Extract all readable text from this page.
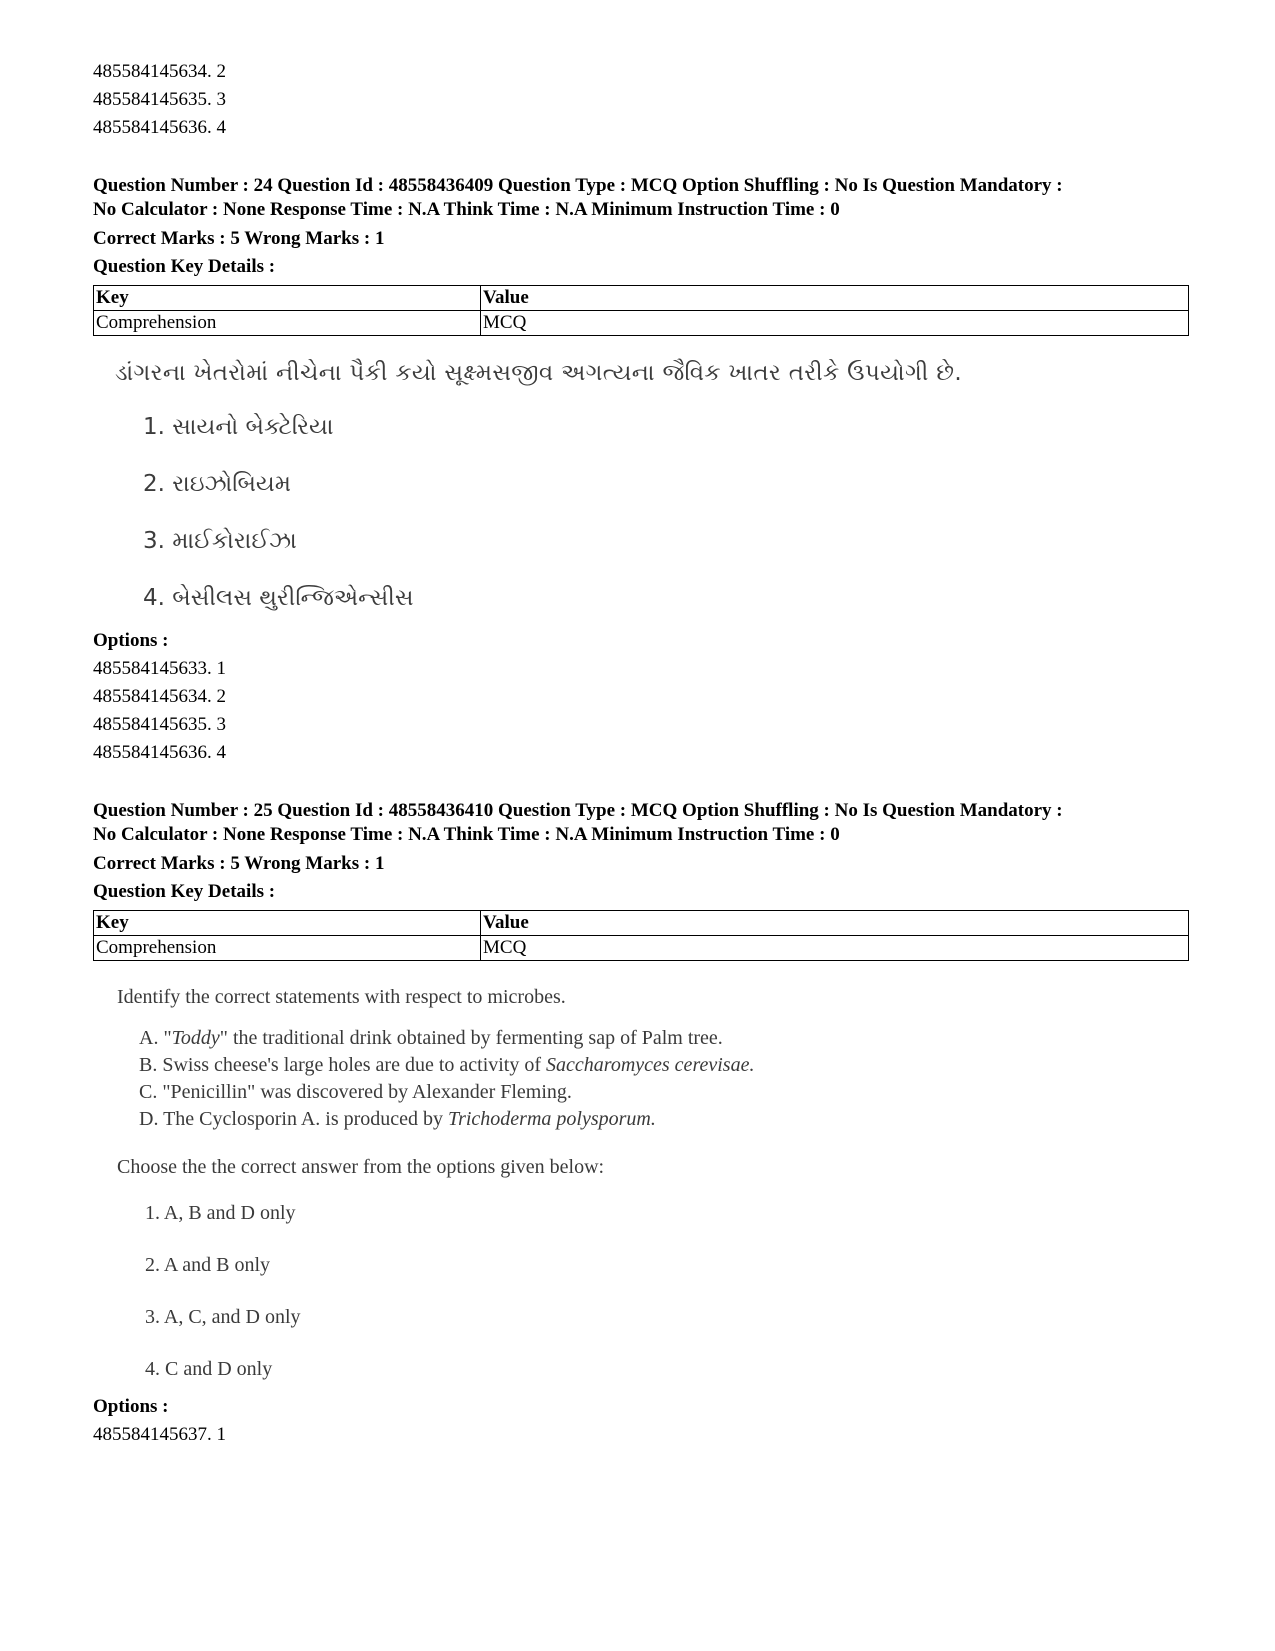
485584145634. 2

485584145635. 3

485584145636. 4

Question Number : 24 Question Id : 48558436409 Question Type : MCQ Option Shuffling : No Is Question Mandatory :

No Calculator : None Response Time : N.A Think Time : N.A Minimum Instruction Time : 0

Correct Marks : 5 Wrong Marks : 1

Question Key Details :

Key	Value
Comprehension	MCQ

ડાંગરના ખેતરોમાં નીચેના પૈકી કયો સૂક્ષ્મસજીવ અગત્યના જૈવિક ખાતર તરીકે ઉપયોગી છે.

1. સાયનો બેક્ટેરિયા

2. રાઇઝોબિયમ

3. માઈકોરાઈઝા

4. બેસીલસ થુરીન્જિએન્સીસ

Options :

485584145633. 1

485584145634. 2

485584145635. 3

485584145636. 4

Question Number : 25 Question Id : 48558436410 Question Type : MCQ Option Shuffling : No Is Question Mandatory :

No Calculator : None Response Time : N.A Think Time : N.A Minimum Instruction Time : 0

Correct Marks : 5 Wrong Marks : 1

Question Key Details :

Key	Value
Comprehension	MCQ

Identify the correct statements with respect to microbes.

A. "Toddy" the traditional drink obtained by fermenting sap of Palm tree.

B. Swiss cheese's large holes are due to activity of Saccharomyces cerevisae.

C. "Penicillin" was discovered by Alexander Fleming.

D. The Cyclosporin A. is produced by Trichoderma polysporum.

Choose the the correct answer from the options given below:

1. A, B and D only

2. A and B only

3. A, C, and D only

4. C and D only

Options :

485584145637. 1
